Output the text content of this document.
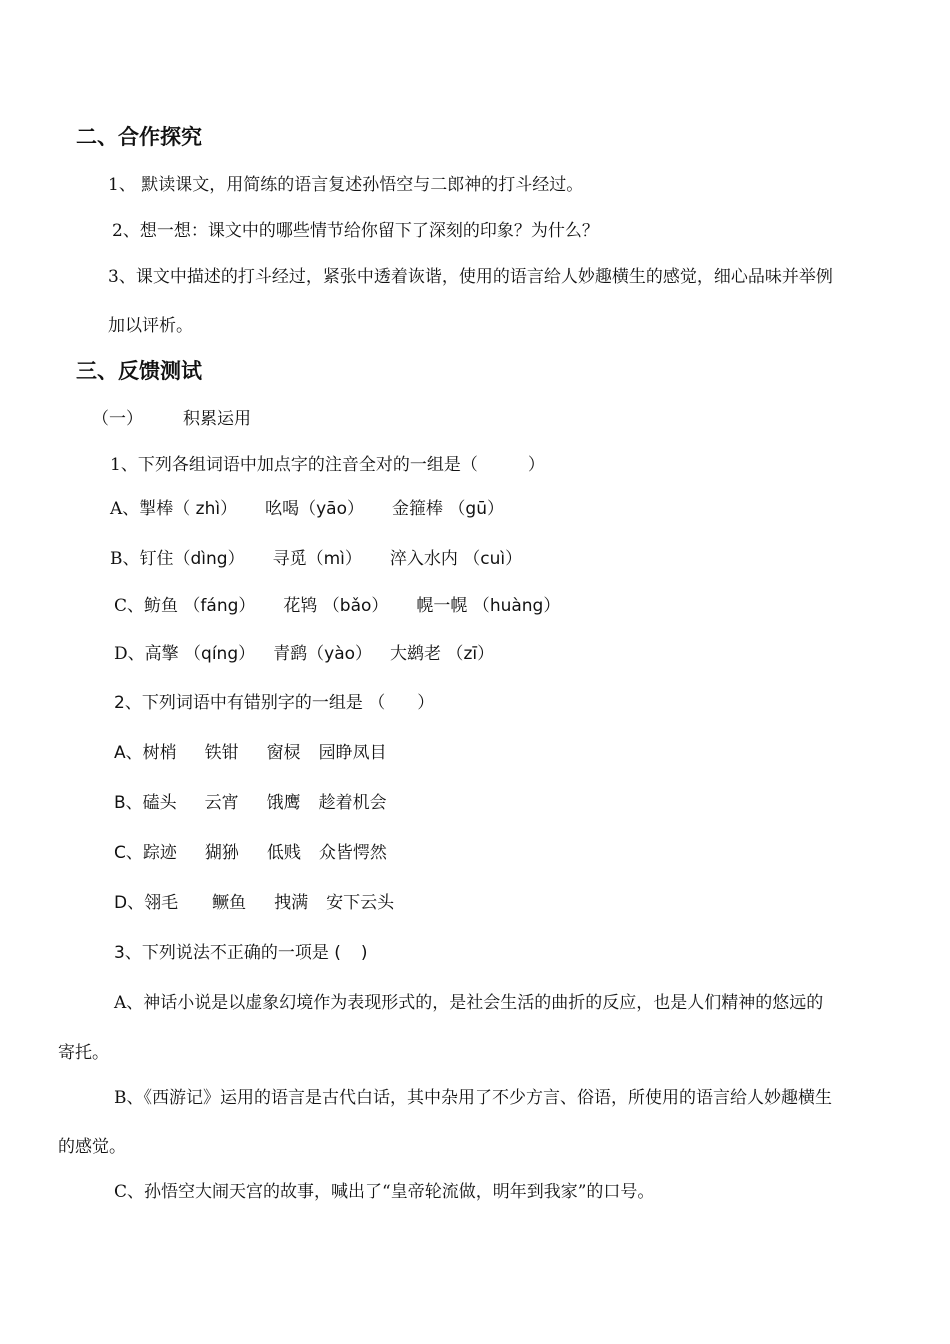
二、合作探究
1、 默读课文，用简练的语言复述孙悟空与二郎神的打斗经过。
2、想一想：课文中的哪些情节给你留下了深刻的印象？为什么？
3、课文中描述的打斗经过，紧张中透着诙谐，使用的语言给人妙趣横生的感觉，细心品味并举例
加以评析。
三、反馈测试
（一） 积累运用
1、下列各组词语中加点字的注音全对的一组是（	）
A、掣棒（ zhì） 吆喝（yāo） 金箍棒 （gū）
B、钉住（dìng） 寻觅（mì） 淬入水内 （cuì）
C、鲂鱼 （fáng） 花鸨 （bǎo） 幌一幌 （huàng）
D、高擎 （qíng） 青鹞（yào） 大鹚老 （zī）
2、下列词语中有错别字的一组是 （ ）
A、树梢 铁钳 窗棂 园睁凤目
B、磕头 云宵 饿鹰 趁着机会
C、踪迹 猢狲 低贱 众皆愕然
D、翎毛 鳜鱼 拽满 安下云头
3、下列说法不正确的一项是 ( )
A、神话小说是以虚象幻境作为表现形式的，是社会生活的曲折的反应，也是人们精神的悠远的
寄托。
B、《西游记》运用的语言是古代白话，其中杂用了不少方言、俗语，所使用的语言给人妙趣横生
的感觉。
C、孙悟空大闹天宫的故事，喊出了“皇帝轮流做，明年到我家”的口号。
